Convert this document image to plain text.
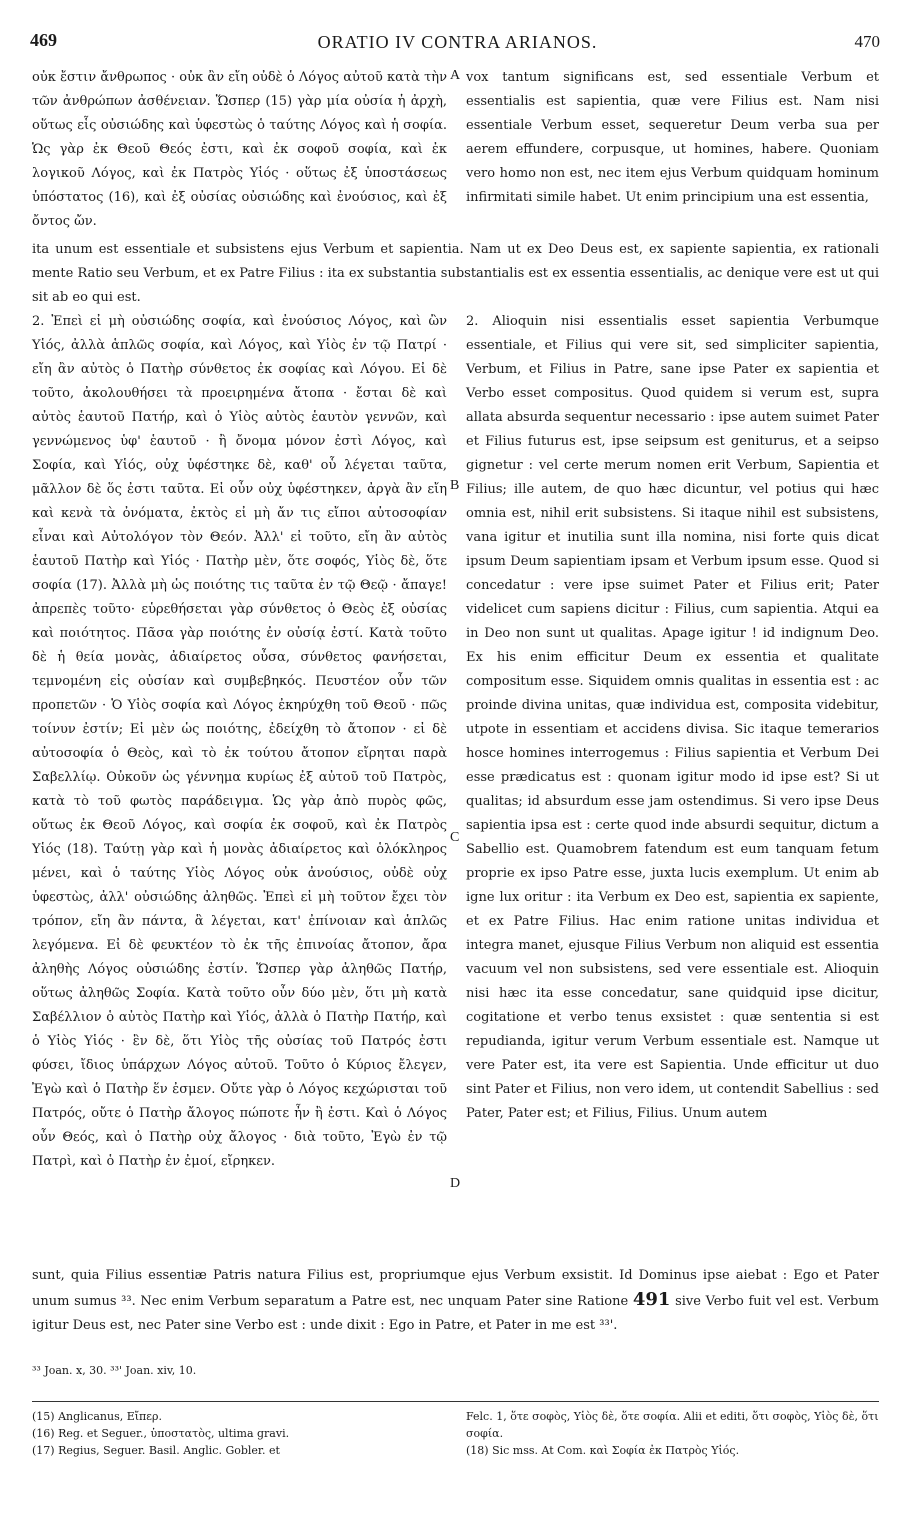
469	ORATIO IV CONTRA ARIANOS.	470

οὐκ ἔστιν ἄνθρωπος · οὐκ ἂν εἴη οὐδὲ ὁ Λόγος αὐτοῦ κατὰ τὴν τῶν ἀνθρώπων ἀσθένειαν. Ὥσπερ (15) γὰρ μία οὐσία ἡ ἀρχὴ, οὕτως εἷς οὐσιώδης καὶ ὑφεστὼς ὁ ταύτης Λόγος καὶ ἡ σοφία. Ὡς γὰρ ἐκ Θεοῦ Θεός ἐστι, καὶ ἐκ σοφοῦ σοφία, καὶ ἐκ λογικοῦ Λόγος, καὶ ἐκ Πατρὸς Υἱός · οὕτως ἐξ ὑποστάσεως ὑπόστατος (16), καὶ ἐξ οὐσίας οὐσιώδης καὶ ἐνούσιος, καὶ ἐξ ὄντος ὤν.

vox tantum significans est, sed essentiale Verbum et essentialis est sapientia, quæ vere Filius est. Nam nisi essentiale Verbum esset, sequeretur Deum verba sua per aerem effundere, corpusque, ut homines, habere. Quoniam vero homo non est, nec item ejus Verbum quidquam hominum infirmitati simile habet. Ut enim principium una est essentia,

ita unum est essentiale et subsistens ejus Verbum et sapientia. Nam ut ex Deo Deus est, ex sapiente sapientia, ex rationali mente Ratio seu Verbum, et ex Patre Filius : ita ex substantia substantialis est ex essentia essentialis, ac denique vere est ut qui sit ab eo qui est.

2. Ἐπεὶ εἰ μὴ οὐσιώδης σοφία, καὶ ἐνούσιος Λόγος, καὶ ὢν Υἱός, ἀλλὰ ἁπλῶς σοφία, καὶ Λόγος, καὶ Υἱὸς ἐν τῷ Πατρί · εἴη ἂν αὐτὸς ὁ Πατὴρ σύνθετος ἐκ σοφίας καὶ Λόγου. Εἰ δὲ τοῦτο, ἀκολουθήσει τὰ προειρημένα ἄτοπα · ἔσται δὲ καὶ αὐτὸς ἑαυτοῦ Πατήρ, καὶ ὁ Υἱὸς αὐτὸς ἑαυτὸν γεννῶν, καὶ γεννώμενος ὑφ' ἑαυτοῦ · ἢ ὄνομα μόνον ἐστὶ Λόγος, καὶ Σοφία, καὶ Υἱός, οὐχ ὑφέστηκε δὲ, καθ' οὗ λέγεται ταῦτα, μᾶλλον δὲ ὅς ἐστι ταῦτα. Εἰ οὖν οὐχ ὑφέστηκεν, ἀργὰ ἂν εἴη καὶ κενὰ τὰ ὀνόματα, ἐκτὸς εἰ μὴ ἄν τις εἴποι αὐτοσοφίαν εἶναι καὶ Αὐτολόγον τὸν Θεόν. Ἀλλ' εἰ τοῦτο, εἴη ἂν αὐτὸς ἑαυτοῦ Πατὴρ καὶ Υἱός · Πατὴρ μὲν, ὅτε σοφός, Υἱὸς δὲ, ὅτε σοφία (17). Ἀλλὰ μὴ ὡς ποιότης τις ταῦτα ἐν τῷ Θεῷ · ἄπαγε! ἀπρεπὲς τοῦτο· εὑρεθήσεται γὰρ σύνθετος ὁ Θεὸς ἐξ οὐσίας καὶ ποιότητος. Πᾶσα γὰρ ποιότης ἐν οὐσίᾳ ἐστί. Κατὰ τοῦτο δὲ ἡ θεία μονὰς, ἀδιαίρετος οὖσα, σύνθετος φανήσεται, τεμνομένη εἰς οὐσίαν καὶ συμβεβηκός. Πευστέον οὖν τῶν προπετῶν · Ὁ Υἱὸς σοφία καὶ Λόγος ἐκηρύχθη τοῦ Θεοῦ · πῶς τοίνυν ἐστίν; Εἰ μὲν ὡς ποιότης, ἐδείχθη τὸ ἄτοπον · εἰ δὲ αὐτοσοφία ὁ Θεὸς, καὶ τὸ ἐκ τούτου ἄτοπον εἴρηται παρὰ Σαβελλίῳ. Οὐκοῦν ὡς γέννημα κυρίως ἐξ αὐτοῦ τοῦ Πατρὸς, κατὰ τὸ τοῦ φωτὸς παράδειγμα. Ὡς γὰρ ἀπὸ πυρὸς φῶς, οὕτως ἐκ Θεοῦ Λόγος, καὶ σοφία ἐκ σοφοῦ, καὶ ἐκ Πατρὸς Υἱός (18). Ταύτῃ γὰρ καὶ ἡ μονὰς ἀδιαίρετος καὶ ὁλόκληρος μένει, καὶ ὁ ταύτης Υἱὸς Λόγος οὐκ ἀνούσιος, οὐδὲ οὐχ ὑφεστὼς, ἀλλ' οὐσιώδης ἀληθῶς. Ἐπεὶ εἰ μὴ τοῦτον ἔχει τὸν τρόπον, εἴη ἂν πάντα, ἃ λέγεται, κατ' ἐπίνοιαν καὶ ἁπλῶς λεγόμενα. Εἰ δὲ φευκτέον τὸ ἐκ τῆς ἐπινοίας ἄτοπον, ἄρα ἀληθὴς Λόγος οὐσιώδης ἐστίν. Ὥσπερ γὰρ ἀληθῶς Πατήρ, οὕτως ἀληθῶς Σοφία. Κατὰ τοῦτο οὖν δύο μὲν, ὅτι μὴ κατὰ Σαβέλλιον ὁ αὐτὸς Πατὴρ καὶ Υἱός, ἀλλὰ ὁ Πατὴρ Πατήρ, καὶ ὁ Υἱὸς Υἱός · ἓν δὲ, ὅτι Υἱὸς τῆς οὐσίας τοῦ Πατρός ἐστι φύσει, ἴδιος ὑπάρχων Λόγος αὐτοῦ. Τοῦτο ὁ Κύριος ἔλεγεν, Ἐγὼ καὶ ὁ Πατὴρ ἕν ἐσμεν. Οὔτε γὰρ ὁ Λόγος κεχώρισται τοῦ Πατρός, οὔτε ὁ Πατὴρ ἄλογος πώποτε ἦν ἢ ἐστι. Καὶ ὁ Λόγος οὖν Θεός, καὶ ὁ Πατὴρ οὐχ ἄλογος · διὰ τοῦτο, Ἐγὼ ἐν τῷ Πατρὶ, καὶ ὁ Πατὴρ ἐν ἐμοί, εἴρηκεν.

2. Alioquin nisi essentialis esset sapientia Verbumque essentiale, et Filius qui vere sit, sed simpliciter sapientia, Verbum, et Filius in Patre, sane ipse Pater ex sapientia et Verbo esset compositus. Quod quidem si verum est, supra allata absurda sequentur necessario : ipse autem suimet Pater et Filius futurus est, ipse seipsum est geniturus, et a seipso gignetur : vel certe merum nomen erit Verbum, Sapientia et Filius; ille autem, de quo hæc dicuntur, vel potius qui hæc omnia est, nihil erit subsistens. Si itaque nihil est subsistens, vana igitur et inutilia sunt illa nomina, nisi forte quis dicat ipsum Deum sapientiam ipsam et Verbum ipsum esse. Quod si concedatur : vere ipse suimet Pater et Filius erit; Pater videlicet cum sapiens dicitur : Filius, cum sapientia. Atqui ea in Deo non sunt ut qualitas. Apage igitur ! id indignum Deo. Ex his enim efficitur Deum ex essentia et qualitate compositum esse. Siquidem omnis qualitas in essentia est : ac proinde divina unitas, quæ individua est, composita videbitur, utpote in essentiam et accidens divisa. Sic itaque temerarios hosce homines interrogemus : Filius sapientia et Verbum Dei esse prædicatus est : quonam igitur modo id ipse est? Si ut qualitas; id absurdum esse jam ostendimus. Si vero ipse Deus sapientia ipsa est : certe quod inde absurdi sequitur, dictum a Sabellio est. Quamobrem fatendum est eum tanquam fetum proprie ex ipso Patre esse, juxta lucis exemplum. Ut enim ab igne lux oritur : ita Verbum ex Deo est, sapientia ex sapiente, et ex Patre Filius. Hac enim ratione unitas individua et integra manet, ejusque Filius Verbum non aliquid est essentia vacuum vel non subsistens, sed vere essentiale est. Alioquin nisi hæc ita esse concedatur, sane quidquid ipse dicitur, cogitatione et verbo tenus exsistet : quæ sententia si est repudianda, igitur verum Verbum essentiale est. Namque ut vere Pater est, ita vere est Sapientia. Unde efficitur ut duo sint Pater et Filius, non vero idem, ut contendit Sabellius : sed Pater, Pater est; et Filius, Filius. Unum autem

A
B
C
D

sunt, quia Filius essentiæ Patris natura Filius est, propriumque ejus Verbum exsistit. Id Dominus ipse aiebat : Ego et Pater unum sumus ³³. Nec enim Verbum separatum a Patre est, nec unquam Pater sine Ratione 491 sive Verbo fuit vel est. Verbum igitur Deus est, nec Pater sine Verbo est : unde dixit : Ego in Patre, et Pater in me est ³³'.

³³ Joan. x, 30. ³³' Joan. xiv, 10.

(15) Anglicanus, Εἴπερ.

(16) Reg. et Seguer., ὑποστατὸς, ultima gravi.

(17) Regius, Seguer. Basil. Anglic. Gobler. et

Felc. 1, ὅτε σοφὸς, Υἱὸς δὲ, ὅτε σοφία. Alii et editi, ὅτι σοφὸς, Υἱὸς δὲ, ὅτι σοφία.

(18) Sic mss. At Com. καὶ Σοφία ἐκ Πατρὸς Υἱός.
